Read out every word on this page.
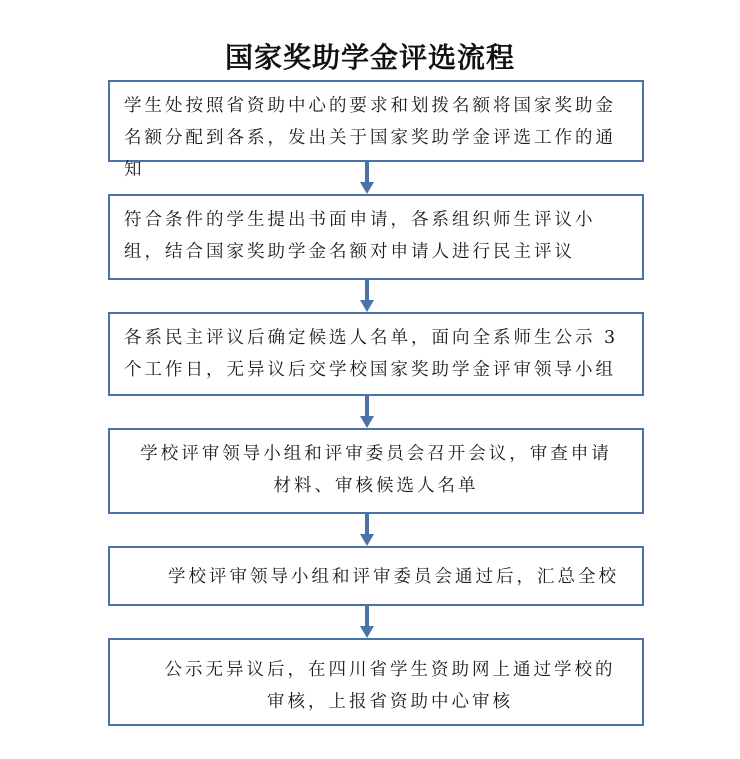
国家奖助学金评选流程
学生处按照省资助中心的要求和划拨名额将国家奖助金名额分配到各系，发出关于国家奖助学金评选工作的通知
符合条件的学生提出书面申请，各系组织师生评议小组，结合国家奖助学金名额对申请人进行民主评议
各系民主评议后确定候选人名单，面向全系师生公示 3 个工作日，无异议后交学校国家奖助学金评审领导小组
学校评审领导小组和评审委员会召开会议，审查申请材料、审核候选人名单
学校评审领导小组和评审委员会通过后，汇总全校
公示无异议后，在四川省学生资助网上通过学校的审核，上报省资助中心审核
